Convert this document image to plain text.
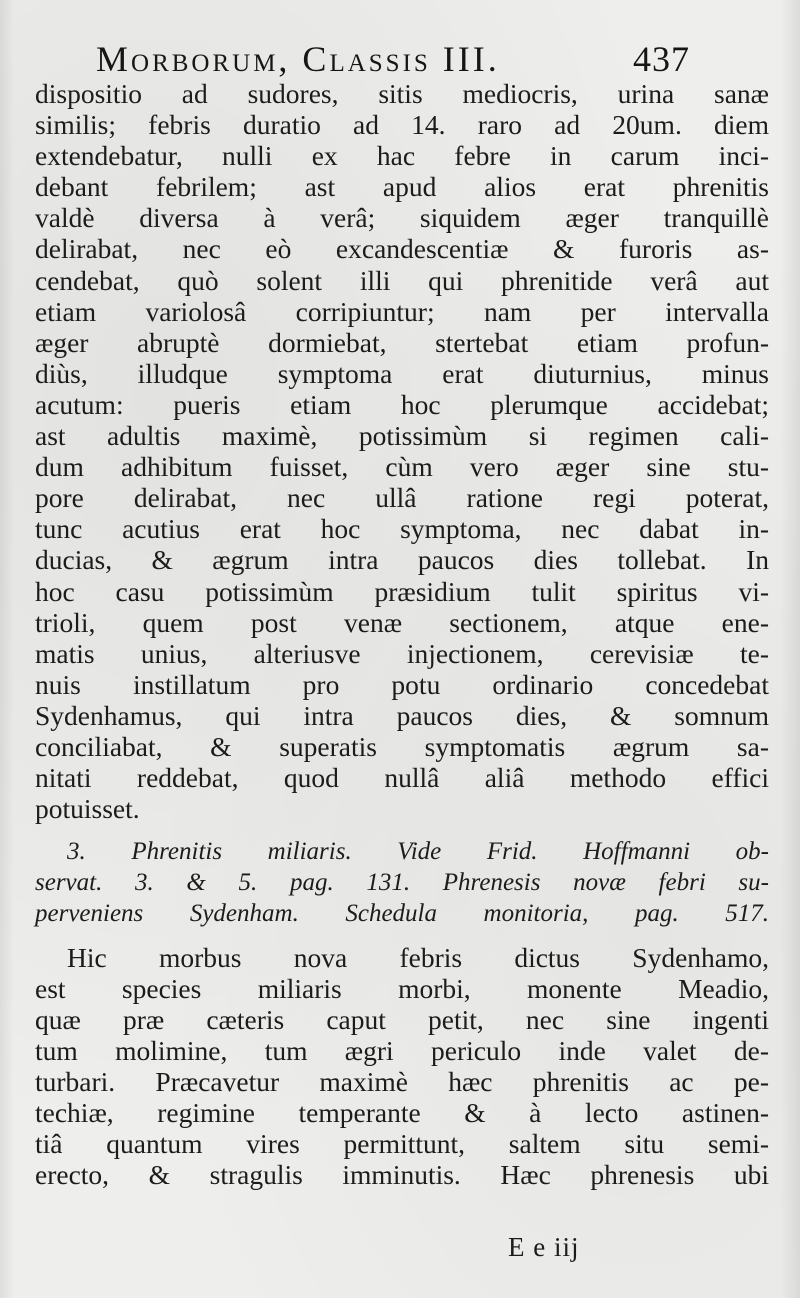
Morborum, Classis III.	437
dispositio ad sudores, sitis mediocris, urina sanæ
similis; febris duratio ad 14. raro ad 20um. diem
extendebatur, nulli ex hac febre in carum inci-
debant febrilem; ast apud alios erat phrenitis
valdè diversa à verâ; siquidem æger tranquillè
delirabat, nec eò excandescentiæ & furoris as-
cendebat, quò solent illi qui phrenitide verâ aut
etiam variolosâ corripiuntur; nam per intervalla
æger abruptè dormiebat, stertebat etiam profun-
diùs, illudque symptoma erat diuturnius, minus
acutum: pueris etiam hoc plerumque accidebat;
ast adultis maximè, potissimùm si regimen cali-
dum adhibitum fuisset, cùm vero æger sine stu-
pore delirabat, nec ullâ ratione regi poterat,
tunc acutius erat hoc symptoma, nec dabat in-
ducias, & ægrum intra paucos dies tollebat. In
hoc casu potissimùm præsidium tulit spiritus vi-
trioli, quem post venæ sectionem, atque ene-
matis unius, alteriusve injectionem, cerevisiæ te-
nuis instillatum pro potu ordinario concedebat
Sydenhamus, qui intra paucos dies, & somnum
conciliabat, & superatis symptomatis ægrum sa-
nitati reddebat, quod nullâ aliâ methodo effici
potuisset.
3. Phrenitis miliaris. Vide Frid. Hoffmanni ob-
servat. 3. & 5. pag. 131. Phrenesis novæ febri su-
perveniens Sydenham. Schedula monitoria, pag. 517.
Hic morbus nova febris dictus Sydenhamo,
est species miliaris morbi, monente Meadio,
quæ præ cæteris caput petit, nec sine ingenti
tum molimine, tum ægri periculo inde valet de-
turbari. Præcavetur maximè hæc phrenitis ac pe-
techiæ, regimine temperante & à lecto astinen-
tiâ quantum vires permittunt, saltem situ semi-
erecto, & stragulis imminutis. Hæc phrenesis ubi
E e iij
